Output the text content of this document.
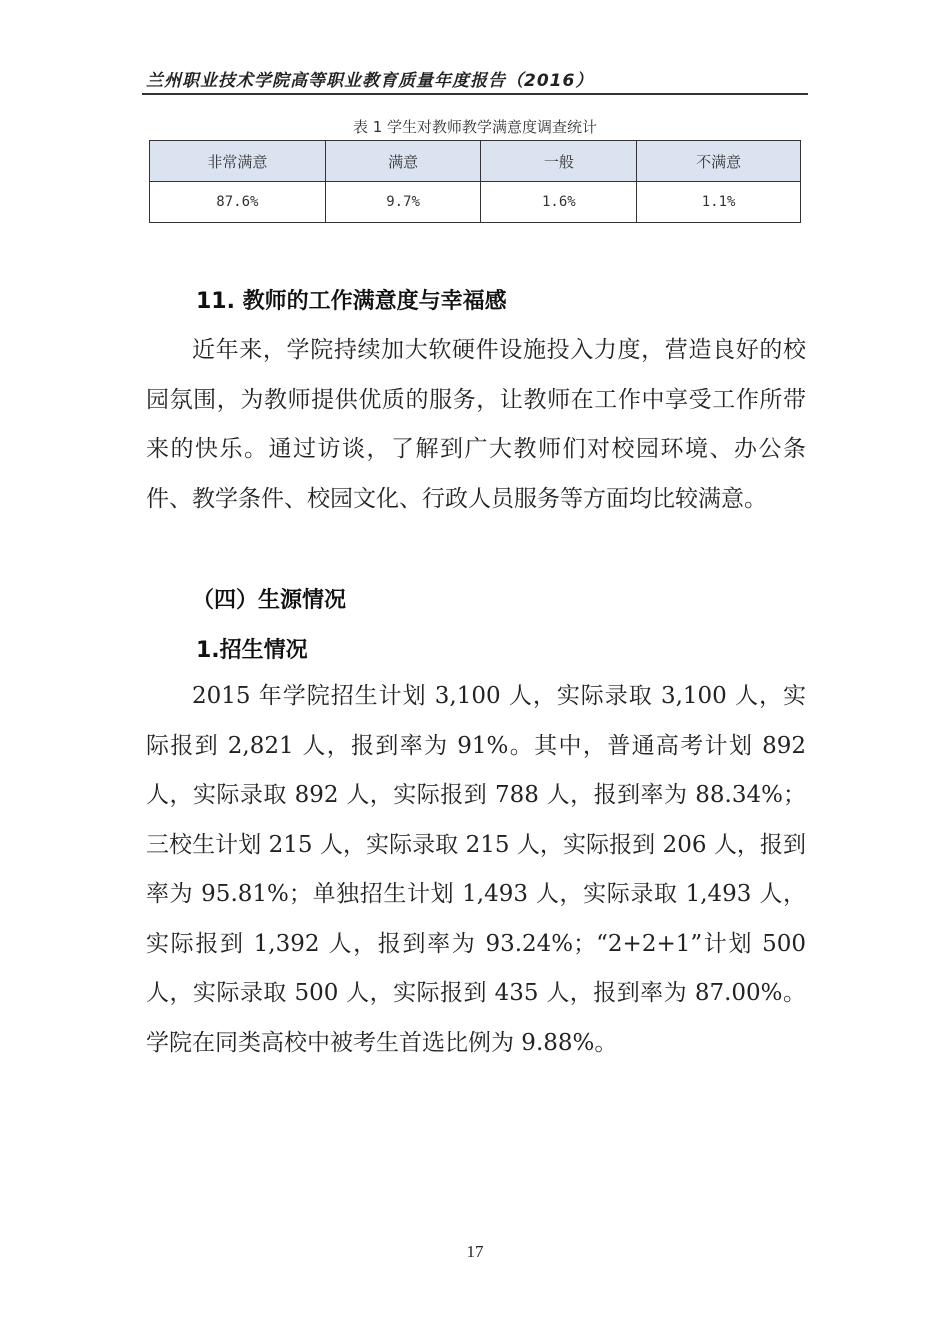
兰州职业技术学院高等职业教育质量年度报告（2016）
表 1 学生对教师教学满意度调查统计
非常满意	满意	一般	不满意
87.6%	9.7%	1.6%	1.1%
11. 教师的工作满意度与幸福感

近年来，学院持续加大软硬件设施投入力度，营造良好的校园氛围，为教师提供优质的服务，让教师在工作中享受工作所带来的快乐。通过访谈，了解到广大教师们对校园环境、办公条件、教学条件、校园文化、行政人员服务等方面均比较满意。

（四）生源情况
1.招生情况

2015 年学院招生计划 3,100 人，实际录取 3,100 人，实际报到 2,821 人，报到率为 91%。其中，普通高考计划 892 人，实际录取 892 人，实际报到 788 人，报到率为 88.34%；三校生计划 215 人，实际录取 215 人，实际报到 206 人，报到率为 95.81%；单独招生计划 1,493 人，实际录取 1,493 人，实际报到 1,392 人，报到率为 93.24%；“2+2+1”计划 500 人，实际录取 500 人，实际报到 435 人，报到率为 87.00%。学院在同类高校中被考生首选比例为 9.88%。

17
